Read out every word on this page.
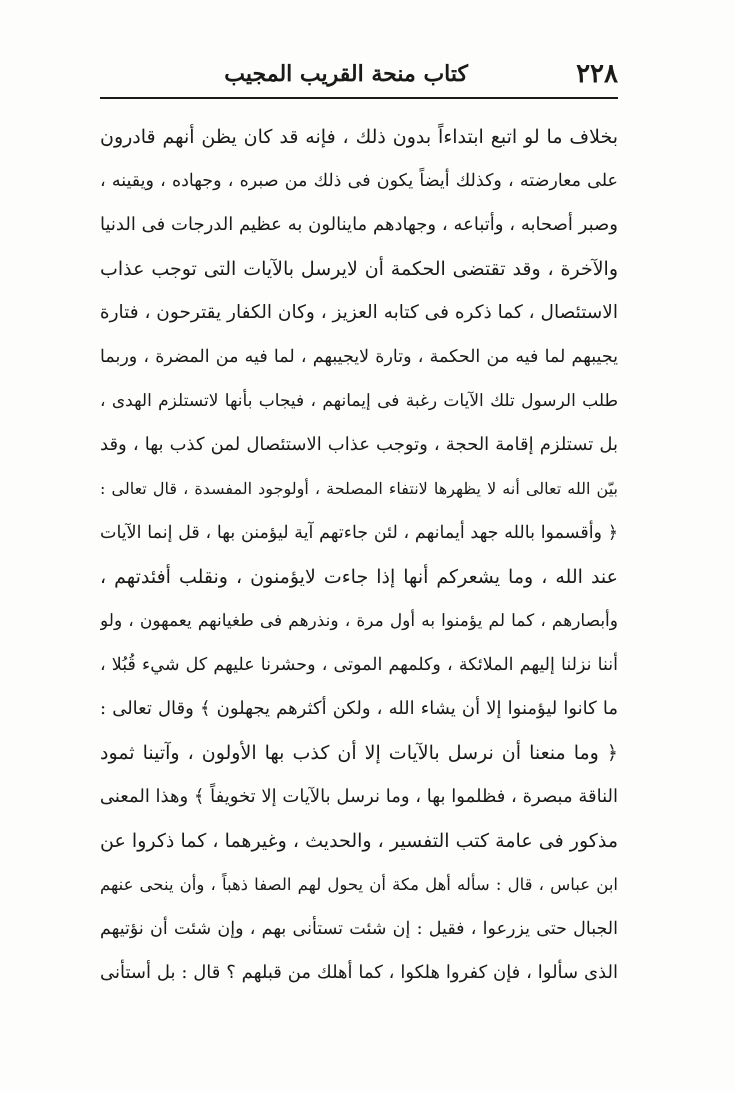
٢٢٨
كتاب منحة القريب المجيب
بخلاف ما لو اتبع ابتداءاً بدون ذلك ، فإنه قد كان يظن أنهم قادرون
على معارضته ، وكذلك أيضاً يكون فى ذلك من صبره ، وجهاده ، ويقينه ،
وصبر أصحابه ، وأتباعه ، وجهادهم ماينالون به عظيم الدرجات فى الدنيا
والآخرة ، وقد تقتضى الحكمة أن لايرسل بالآيات التى توجب عذاب
الاستئصال ، كما ذكره فى كتابه العزيز ، وكان الكفار يقترحون ، فتارة
يجيبهم لما فيه من الحكمة ، وتارة لايجيبهم ، لما فيه من المضرة ، وربما
طلب الرسول تلك الآيات رغبة فى إيمانهم ، فيجاب بأنها لاتستلزم الهدى ،
بل تستلزم إقامة الحجة ، وتوجب عذاب الاستئصال لمن كذب بها ، وقد
بيّن الله تعالى أنه لا يظهرها لانتفاء المصلحة ، أولوجود المفسدة ، قال تعالى :
﴿ وأقسموا بالله جهد أيمانهم ، لئن جاءتهم آية ليؤمنن بها ، قل إنما الآيات
عند الله ، وما يشعركم أنها إذا جاءت لايؤمنون ، ونقلب أفئدتهم ،
وأبصارهم ، كما لم يؤمنوا به أول مرة ، ونذرهم فى طغيانهم يعمهون ، ولو
أننا نزلنا إليهم الملائكة ، وكلمهم الموتى ، وحشرنا عليهم كل شيء قُبُلا ،
ما كانوا ليؤمنوا إلا أن يشاء الله ، ولكن أكثرهم يجهلون ﴾ وقال تعالى :
﴿ وما منعنا أن نرسل بالآيات إلا أن كذب بها الأولون ، وآتينا ثمود
الناقة مبصرة ، فظلموا بها ، وما نرسل بالآيات إلا تخويفاً ﴾ وهذا المعنى
مذكور فى عامة كتب التفسير ، والحديث ، وغيرهما ، كما ذكروا عن
ابن عباس ، قال : سأله أهل مكة أن يحول لهم الصفا ذهباً ، وأن ينحى عنهم
الجبال حتى يزرعوا ، فقيل : إن شئت تستأنى بهم ، وإن شئت أن نؤتيهم
الذى سألوا ، فإن كفروا هلكوا ، كما أهلك من قبلهم ؟ قال : بل أستأنى
